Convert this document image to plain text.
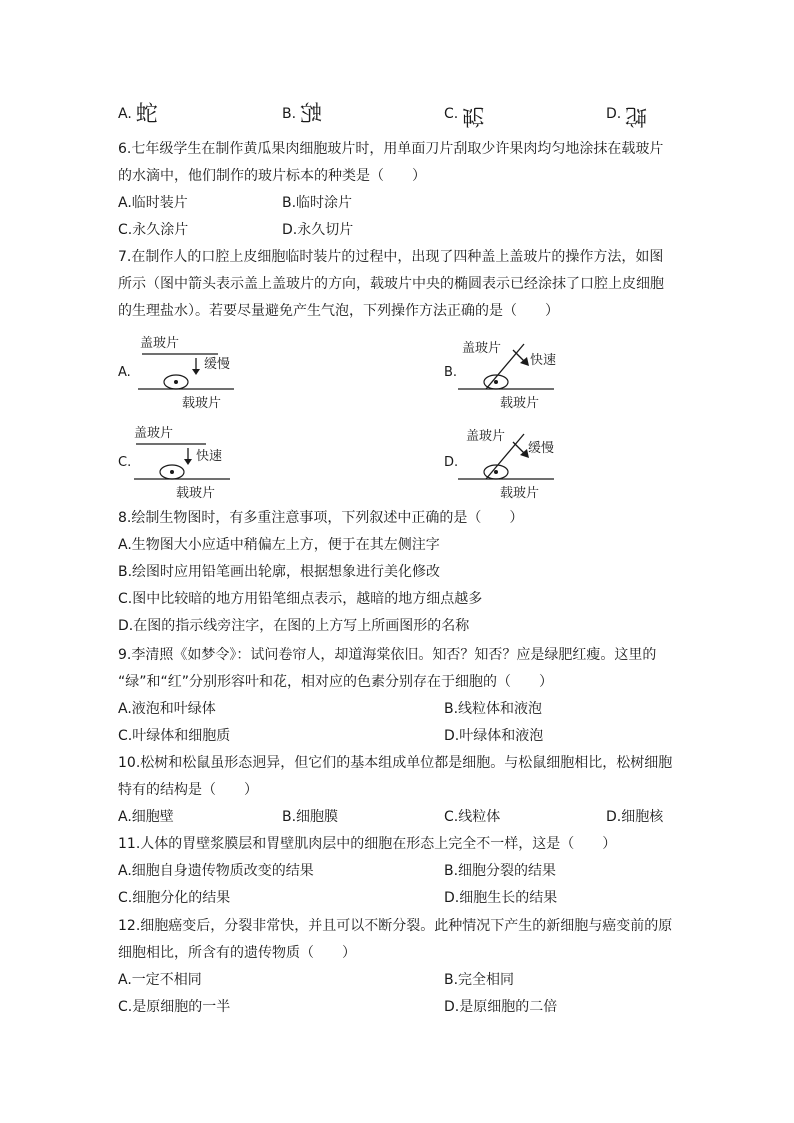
A. 蛇	B. 蛇	C. 蛇	D. 蛇
6.七年级学生在制作黄瓜果肉细胞玻片时，用单面刀片刮取少许果肉均匀地涂抹在载玻片
的水滴中，他们制作的玻片标本的种类是（　　）
A.临时装片	B.临时涂片
C.永久涂片	D.永久切片
7.在制作人的口腔上皮细胞临时装片的过程中，出现了四种盖上盖玻片的操作方法，如图
所示（图中箭头表示盖上盖玻片的方向，载玻片中央的椭圆表示已经涂抹了口腔上皮细胞
的生理盐水）。若要尽量避免产生气泡，下列操作方法正确的是（　　）
A.
盖玻片
缓慢
载玻片
B.
盖玻片
快速
载玻片
C.
盖玻片
快速
载玻片
D.
盖玻片
缓慢
载玻片
8.绘制生物图时，有多重注意事项，下列叙述中正确的是（　　）
A.生物图大小应适中稍偏左上方，便于在其左侧注字
B.绘图时应用铅笔画出轮廓，根据想象进行美化修改
C.图中比较暗的地方用铅笔细点表示，越暗的地方细点越多
D.在图的指示线旁注字，在图的上方写上所画图形的名称
9.李清照《如梦令》：试问卷帘人，却道海棠依旧。知否？知否？应是绿肥红瘦。这里的
“绿”和“红”分别形容叶和花，相对应的色素分别存在于细胞的（　　）
A.液泡和叶绿体	B.线粒体和液泡
C.叶绿体和细胞质	D.叶绿体和液泡
10.松树和松鼠虽形态迥异，但它们的基本组成单位都是细胞。与松鼠细胞相比，松树细胞
特有的结构是（　　）
A.细胞壁	B.细胞膜	C.线粒体	D.细胞核
11.人体的胃壁浆膜层和胃壁肌肉层中的细胞在形态上完全不一样，这是（　　）
A.细胞自身遗传物质改变的结果	B.细胞分裂的结果
C.细胞分化的结果	D.细胞生长的结果
12.细胞癌变后，分裂非常快，并且可以不断分裂。此种情况下产生的新细胞与癌变前的原
细胞相比，所含有的遗传物质（　　）
A.一定不相同	B.完全相同
C.是原细胞的一半	D.是原细胞的二倍
